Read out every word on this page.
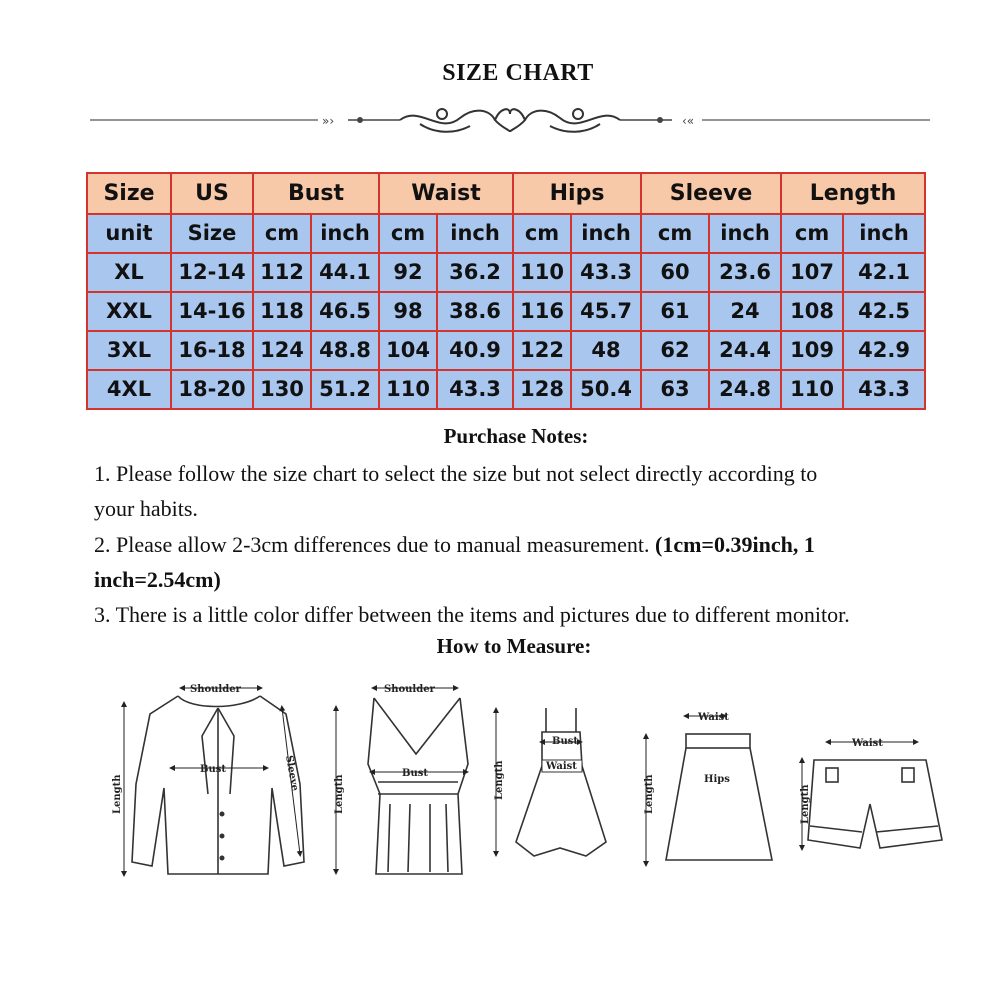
SIZE CHART
»›	‹«
Size	US	Bust		Waist		Hips		Sleeve		Length	
unit	Size	cm	inch	cm	inch	cm	inch	cm	inch	cm	inch
XL	12-14	112	44.1	92	36.2	110	43.3	60	23.6	107	42.1
XXL	14-16	118	46.5	98	38.6	116	45.7	61	24	108	42.5
3XL	16-18	124	48.8	104	40.9	122	48	62	24.4	109	42.9
4XL	18-20	130	51.2	110	43.3	128	50.4	63	24.8	110	43.3
Purchase Notes:
1. Please follow the size chart to select the size but not select directly according to
your habits.
2. Please allow 2-3cm differences due to manual measurement. (1cm=0.39inch, 1
inch=2.54cm)
3. There is a little color differ between the items and pictures due to different monitor.
How to Measure:
Shoulder
Length
Bust	Sleeve
Shoulder
Length
Bust	Length
Bust
Waist
Waist
Length	Hips
Waist
Length
